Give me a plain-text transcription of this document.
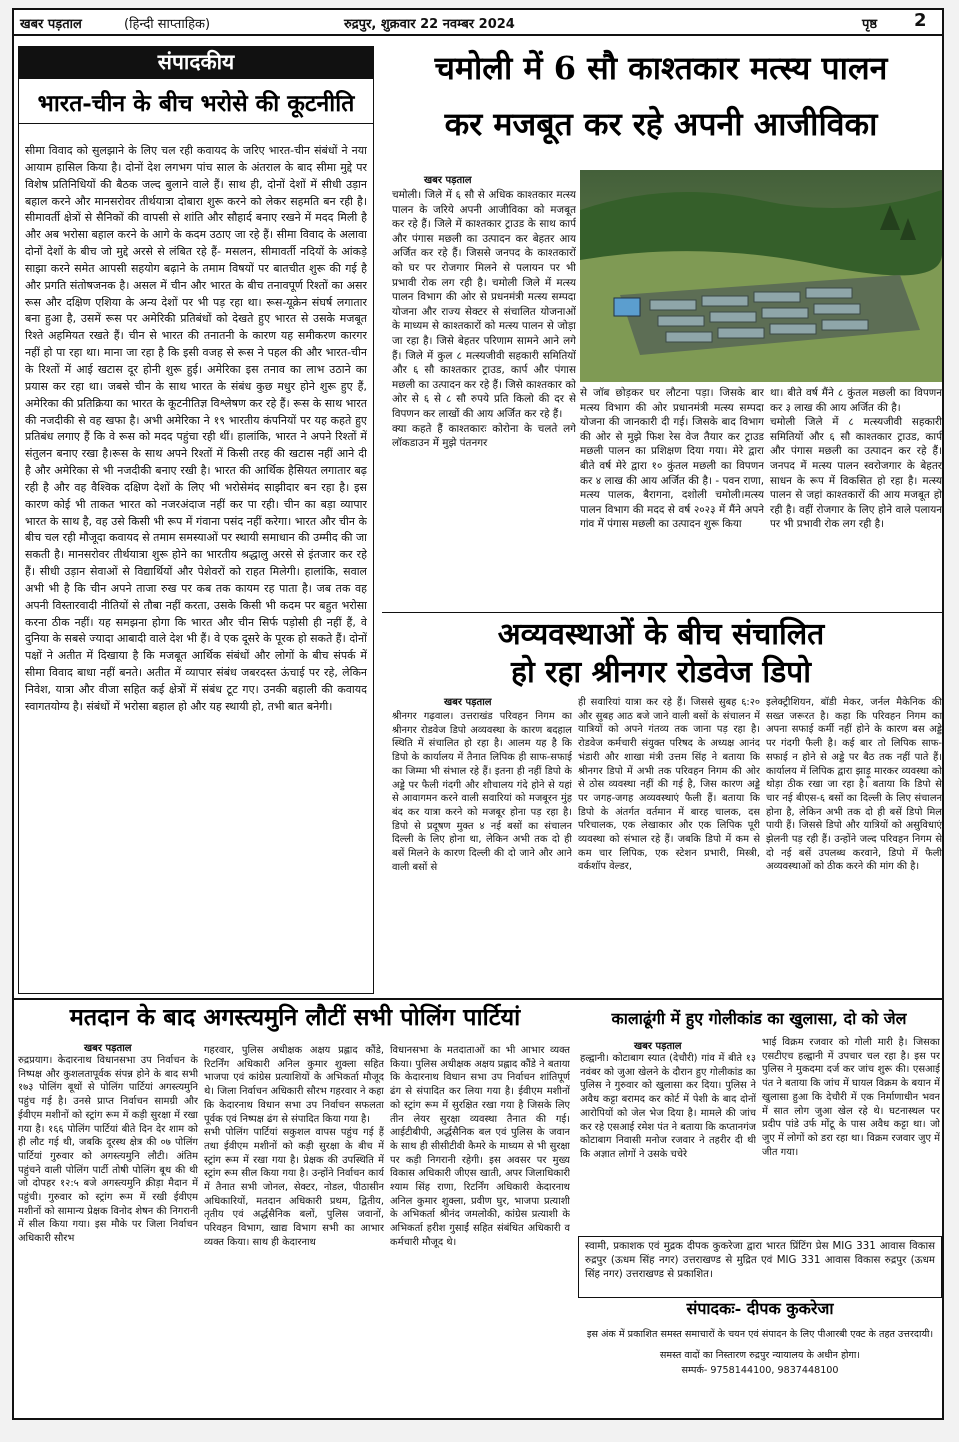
खबर पड़ताल	(हिन्दी साप्ताहिक)	रुद्रपुर, शुक्रवार 22 नवम्बर 2024	पृष्ठ 2
संपादकीय
भारत-चीन के बीच भरोसे की कूटनीति
सीमा विवाद को सुलझाने के लिए चल रही कवायद के जरिए भारत-चीन संबंधों ने नया आयाम हासिल किया है। दोनों देश लगभग पांच साल के अंतराल के बाद सीमा मुद्दे पर विशेष प्रतिनिधियों की बैठक जल्द बुलाने वाले हैं। साथ ही, दोनों देशों में सीधी उड़ान बहाल करने और मानसरोवर तीर्थयात्रा दोबारा शुरू करने को लेकर सहमति बन रही है। सीमावर्ती क्षेत्रों से सैनिकों की वापसी से शांति और सौहार्द बनाए रखने में मदद मिली है और अब भरोसा बहाल करने के आगे के कदम उठाए जा रहे हैं। सीमा विवाद के अलावा दोनों देशों के बीच जो मुद्दे अरसे से लंबित रहे हैं- मसलन, सीमावर्ती नदियों के आंकड़े साझा करने समेत आपसी सहयोग बढ़ाने के तमाम विषयों पर बातचीत शुरू की गई है और प्रगति संतोषजनक है। असल में चीन और भारत के बीच तनावपूर्ण रिश्तों का असर रूस और दक्षिण एशिया के अन्य देशों पर भी पड़ रहा था। रूस-यूक्रेन संघर्ष लगातार बना हुआ है, उसमें रूस पर अमेरिकी प्रतिबंधों को देखते हुए भारत से उसके मजबूत रिश्ते अहमियत रखते हैं। चीन से भारत की तनातनी के कारण यह समीकरण कारगर नहीं हो पा रहा था। माना जा रहा है कि इसी वजह से रूस ने पहल की और भारत-चीन के रिश्तों में आई खटास दूर होनी शुरू हुई। अमेरिका इस तनाव का लाभ उठाने का प्रयास कर रहा था। जबसे चीन के साथ भारत के संबंध कुछ मधुर होने शुरू हुए हैं, अमेरिका की प्रतिक्रिया का भारत के कूटनीतिज्ञ विश्लेषण कर रहे हैं। रूस के साथ भारत की नजदीकी से वह खफा है। अभी अमेरिका ने १९ भारतीय कंपनियों पर यह कहते हुए प्रतिबंध लगाए हैं कि वे रूस को मदद पहुंचा रही थीं। हालांकि, भारत ने अपने रिश्तों में संतुलन बनाए रखा है।रूस के साथ अपने रिश्तों में किसी तरह की खटास नहीं आने दी है और अमेरिका से भी नजदीकी बनाए रखी है। भारत की आर्थिक हैसियत लगातार बढ़ रही है और वह वैश्विक दक्षिण देशों के लिए भी भरोसेमंद साझीदार बन रहा है। इस कारण कोई भी ताकत भारत को नजरअंदाज नहीं कर पा रही। चीन का बड़ा व्यापार भारत के साथ है, वह उसे किसी भी रूप में गंवाना पसंद नहीं करेगा। भारत और चीन के बीच चल रही मौजूदा कवायद से तमाम समस्याओं पर स्थायी समाधान की उम्मीद की जा सकती है। मानसरोवर तीर्थयात्रा शुरू होने का भारतीय श्रद्धालु अरसे से इंतजार कर रहे हैं। सीधी उड़ान सेवाओं से विद्यार्थियों और पेशेवरों को राहत मिलेगी। हालांकि, सवाल अभी भी है कि चीन अपने ताजा रुख पर कब तक कायम रह पाता है। जब तक वह अपनी विस्तारवादी नीतियों से तौबा नहीं करता, उसके किसी भी कदम पर बहुत भरोसा करना ठीक नहीं। यह समझना होगा कि भारत और चीन सिर्फ पड़ोसी ही नहीं हैं, वे दुनिया के सबसे ज्यादा आबादी वाले देश भी हैं। वे एक दूसरे के पूरक हो सकते हैं। दोनों पक्षों ने अतीत में दिखाया है कि मजबूत आर्थिक संबंधों और लोगों के बीच संपर्क में सीमा विवाद बाधा नहीं बनते। अतीत में व्यापार संबंध जबरदस्त ऊंचाई पर रहे, लेकिन निवेश, यात्रा और वीजा सहित कई क्षेत्रों में संबंध टूट गए। उनकी बहाली की कवायद स्वागतयोग्य है। संबंधों में भरोसा बहाल हो और यह स्थायी हो, तभी बात बनेगी।
चमोली में 6 सौ काश्तकार मत्स्य पालन
कर मजबूत कर रहे अपनी आजीविका
खबर पड़ताल
चमोली। जिले में ६ सौ से अधिक काश्तकार मत्स्य पालन के जरिये अपनी आजीविका को मजबूत कर रहे हैं। जिले में काश्तकार ट्राउड के साथ कार्प और पंगास मछली का उत्पादन कर बेहतर आय अर्जित कर रहे हैं। जिससे जनपद के काश्तकारों को घर पर रोजगार मिलने से पलायन पर भी प्रभावी रोक लग रही है। चमोली जिले में मत्स्य पालन विभाग की ओर से प्रधनमंत्री मत्स्य सम्पदा योजना और राज्य सेक्टर से संचालित योजनाओं के माध्यम से काश्तकारों को मत्स्य पालन से जोड़ा जा रहा है। जिसे बेहतर परिणाम सामने आने लगे हैं। जिले में कुल ८ मत्स्यजीवी सहकारी समितियों और ६ सौ काश्तकार ट्राउड, कार्प और पंगास मछली का उत्पादन कर रहे हैं। जिसे काश्तकार को ओर से ६ से ८ सौ रुपये प्रति किलो की दर से विपणन कर लाखों की आय अर्जित कर रहे हैं।
क्या कहते हैं काश्तकारः कोरोना के चलते लगे लॉकडाउन में मुझे पंतनगर
से जॉब छोड़कर घर लौटना पड़ा। जिसके बार मत्स्य विभाग की ओर प्रधानमंत्री मत्स्य सम्पदा योजना की जानकारी दी गई। जिसके बाद विभाग की ओर से मुझे फिश रेस वेज तैयार कर ट्राउड मछली पालन का प्रशिक्षण दिया गया। मेरे द्वारा बीते वर्ष मेरे द्वारा १० कुंतल मछली का विपणन कर ४ लाख की आय अर्जित की है। - पवन राणा, मत्स्य पालक, बैरागना, दशोली चमोली।मत्स्य पालन विभाग की मदद से वर्ष २०२३ में मैंने अपने गांव में पंगास मछली का उत्पादन शुरू किया
था। बीते वर्ष मैंने ८ कुंतल मछली का विपणन कर ३ लाख की आय अर्जित की है।
चमोली जिले में ८ मत्स्यजीवी सहकारी समितियों और ६ सौ काश्तकार ट्राउड, कार्प और पंगास मछली का उत्पादन कर रहे हैं। जनपद में मत्स्य पालन स्वरोजगार के बेहतर साधन के रूप में विकसित हो रहा है। मत्स्य पालन से जहां काश्तकारों की आय मजबूत हो रही है। वहीं रोजगार के लिए होने वाले पलायन पर भी प्रभावी रोक लग रही है।
अव्यवस्थाओं के बीच संचालित
हो रहा श्रीनगर रोडवेज डिपो
खबर पड़ताल
श्रीनगर गढ़वाल। उत्तराखंड परिवहन निगम का श्रीनगर रोडवेज डिपो अव्यवस्था के कारण बदहाल स्थिति में संचालित हो रहा है। आलम यह है कि डिपो के कार्यालय में तैनात लिपिक ही साफ-सफाई का जिम्मा भी संभाल रहे हैं। इतना ही नहीं डिपो के अड्डे पर फैली गंदगी और शौचालय गंदे होने से यहां से आवागमन करने वाली सवारियां को मजबूरन मुंह बंद कर यात्रा करने को मजबूर होना पड़ रहा है। डिपो से प्रदूषण मुक्त ४ नई बसों का संचालन दिल्ली के लिए होना था, लेकिन अभी तक दो ही बसें मिलने के कारण दिल्ली की दो जाने और आने वाली बसों से
ही सवारियां यात्रा कर रहे हैं। जिससे सुबह ६:२० और सुबह आठ बजे जाने वाली बसों के संचालन में यात्रियों को अपने गंतव्य तक जाना पड़ रहा है। रोडवेज कर्मचारी संयुक्त परिषद के अध्यक्ष आनंद भंडारी और शाखा मंत्री उत्तम सिंह ने बताया कि श्रीनगर डिपो में अभी तक परिवहन निगम की ओर से ठोस व्यवस्था नहीं की गई है, जिस कारण अड्डे पर जगह-जगह अव्यवस्थाएं फैली हैं। बताया कि डिपो के अंतर्गत वर्तमान में बारह चालक, दस परिचालक, एक लेखाकार और एक लिपिक पूरी व्यवस्था को संभाल रहे हैं। जबकि डिपो में कम से कम चार लिपिक, एक स्टेशन प्रभारी, मिस्त्री, वर्कशॉप वेल्डर,
इलेक्ट्रीशियन, बॉडी मेकर, जर्नल मैकेनिक की सख्त जरूरत है। कहा कि परिवहन निगम का अपना सफाई कर्मी नहीं होने के कारण बस अड्डे पर गंदगी फैली है। कई बार तो लिपिक साफ-सफाई न होने से अड्डे पर बैठ तक नहीं पाते हैं। कार्यालय में लिपिक द्वारा झाड़ू मारकर व्यवस्था को थोड़ा ठीक रखा जा रहा है। बताया कि डिपो से चार नई बीएस-६ बसों का दिल्ली के लिए संचालन होना है, लेकिन अभी तक दो ही बसें डिपो मिल पायी हैं। जिससे डिपो और यात्रियों को असुविधाएं झेलनी पड़ रही हैं। उन्होंने जल्द परिवहन निगम से दो नई बसें उपलब्ध करवाने, डिपो में फैली अव्यवस्थाओं को ठीक करने की मांग की है।
मतदान के बाद अगस्त्यमुनि लौटीं सभी पोलिंग पार्टियां
खबर पड़ताल
रुद्रप्रयाग। केदारनाथ विधानसभा उप निर्वाचन के निष्पक्ष और कुशलतापूर्वक संपन्न होने के बाद सभी १७३ पोलिंग बूथों से पोलिंग पार्टियां अगस्त्यमुनि पहुंच गई है। उनसे प्राप्त निर्वाचन सामग्री और ईवीएम मशीनों को स्ट्रांग रूम में कड़ी सुरक्षा में रखा गया है। १६६ पोलिंग पार्टियां बीते दिन देर शाम को ही लौट गई थी, जबकि दूरस्थ क्षेत्र की ०७ पोलिंग पार्टियां गुरुवार को अगस्त्यमुनि लौटी। अंतिम पहुंचने वाली पोलिंग पार्टी तोषी पोलिंग बूथ की थी जो दोपहर १२:५ बजे अगस्त्यमुनि क्रीड़ा मैदान में पहुंची। गुरुवार को स्ट्रांग रूम में रखी ईवीएम मशीनों को सामान्य प्रेक्षक विनोद शेषन की निगरानी में सील किया गया। इस मौके पर जिला निर्वाचन अधिकारी सौरभ
गहरवार, पुलिस अधीक्षक अक्षय प्रह्लाद कौंडे, रिटर्निंग अधिकारी अनिल कुमार शुक्ला सहित भाजपा एवं कांग्रेस प्रत्याशियों के अभिकर्ता मौजूद थे। जिला निर्वाचन अधिकारी सौरभ गहरवार ने कहा कि केदारनाथ विधान सभा उप निर्वाचन सफलता पूर्वक एवं निष्पक्ष ढंग से संपादित किया गया है।
सभी पोलिंग पार्टियां सकुशल वापस पहुंच गई हैं तथा ईवीएम मशीनों को कड़ी सुरक्षा के बीच में स्ट्रांग रूम में रखा गया है। प्रेक्षक की उपस्थिति में स्ट्रांग रूम सील किया गया है। उन्होंने निर्वाचन कार्य में तैनात सभी जोनल, सेक्टर, नोडल, पीठासीन अधिकारियों, मतदान अधिकारी प्रथम, द्वितीय, तृतीय एवं अर्द्धसैनिक बलों, पुलिस जवानों, परिवहन विभाग, खाद्य विभाग सभी का आभार व्यक्त किया। साथ ही केदारनाथ
विधानसभा के मतदाताओं का भी आभार व्यक्त किया। पुलिस अधीक्षक अक्षय प्रह्लाद कौंडे ने बताया कि केदारनाथ विधान सभा उप निर्वाचन शांतिपूर्ण ढंग से संपादित कर लिया गया है। ईवीएम मशीनों को स्ट्रांग रूम में सुरक्षित रखा गया है जिसके लिए तीन लेयर सुरक्षा व्यवस्था तैनात की गई। आईटीबीपी, अर्द्धसैनिक बल एवं पुलिस के जवान के साथ ही सीसीटीवी कैमरे के माध्यम से भी सुरक्षा पर कड़ी निगरानी रहेगी। इस अवसर पर मुख्य विकास अधिकारी जीएस खाती, अपर जिलाधिकारी श्याम सिंह राणा, रिटर्निंग अधिकारी केदारनाथ अनिल कुमार शुक्ला, प्रवीण घुर, भाजपा प्रत्याशी के अभिकर्ता श्रीनंद जमलोकी, कांग्रेस प्रत्याशी के अभिकर्ता हरीश गुसाईं सहित संबंधित अधिकारी व कर्मचारी मौजूद थे।
कालाढूंगी में हुए गोलीकांड का खुलासा, दो को जेल
खबर पड़ताल
हल्द्वानी। कोटाबाग स्यात (देचौरी) गांव में बीते १३ नवंबर को जुआ खेलने के दौरान हुए गोलीकांड का पुलिस ने गुरुवार को खुलासा कर दिया। पुलिस ने अवैध कट्टा बरामद कर कोर्ट में पेशी के बाद दोनों आरोपियों को जेल भेज दिया है। मामले की जांच कर रहे एसआई रमेश पंत ने बताया कि कप्तानगंज कोटाबाग निवासी मनोज रजवार ने तहरीर दी थी कि अज्ञात लोगों ने उसके चचेरे
भाई विक्रम रजवार को गोली मारी है। जिसका एसटीएच हल्द्वानी में उपचार चल रहा है। इस पर पुलिस ने मुकदमा दर्ज कर जांच शुरू की। एसआई पंत ने बताया कि जांच में घायल विक्रम के बयान में खुलासा हुआ कि देचौरी में एक निर्माणाधीन भवन में सात लोग जुआ खेल रहे थे। घटनास्थल पर प्रदीप पांडे उर्फ मोंटू के पास अवैध कट्टा था। जो जुए में लोगों को डरा रहा था। विक्रम रजवार जुए में जीत गया।
स्वामी, प्रकाशक एवं मुद्रक दीपक कुकरेजा द्वारा भारत प्रिंटिंग प्रेस MIG 331 आवास विकास रुद्रपुर (ऊधम सिंह नगर) उत्तराखण्ड से मुद्रित एवं MIG 331 आवास विकास रुद्रपुर (ऊधम सिंह नगर) उत्तराखण्ड से प्रकाशित।
संपादकः- दीपक कुकरेजा
इस अंक में प्रकाशित समस्त समाचारों के चयन एवं संपादन के लिए पीआरबी एक्ट के तहत उत्तरदायी।
समस्त वादों का निस्तारण रुद्रपुर न्यायालय के अधीन होगा।
सम्पर्क- 9758144100, 9837448100
